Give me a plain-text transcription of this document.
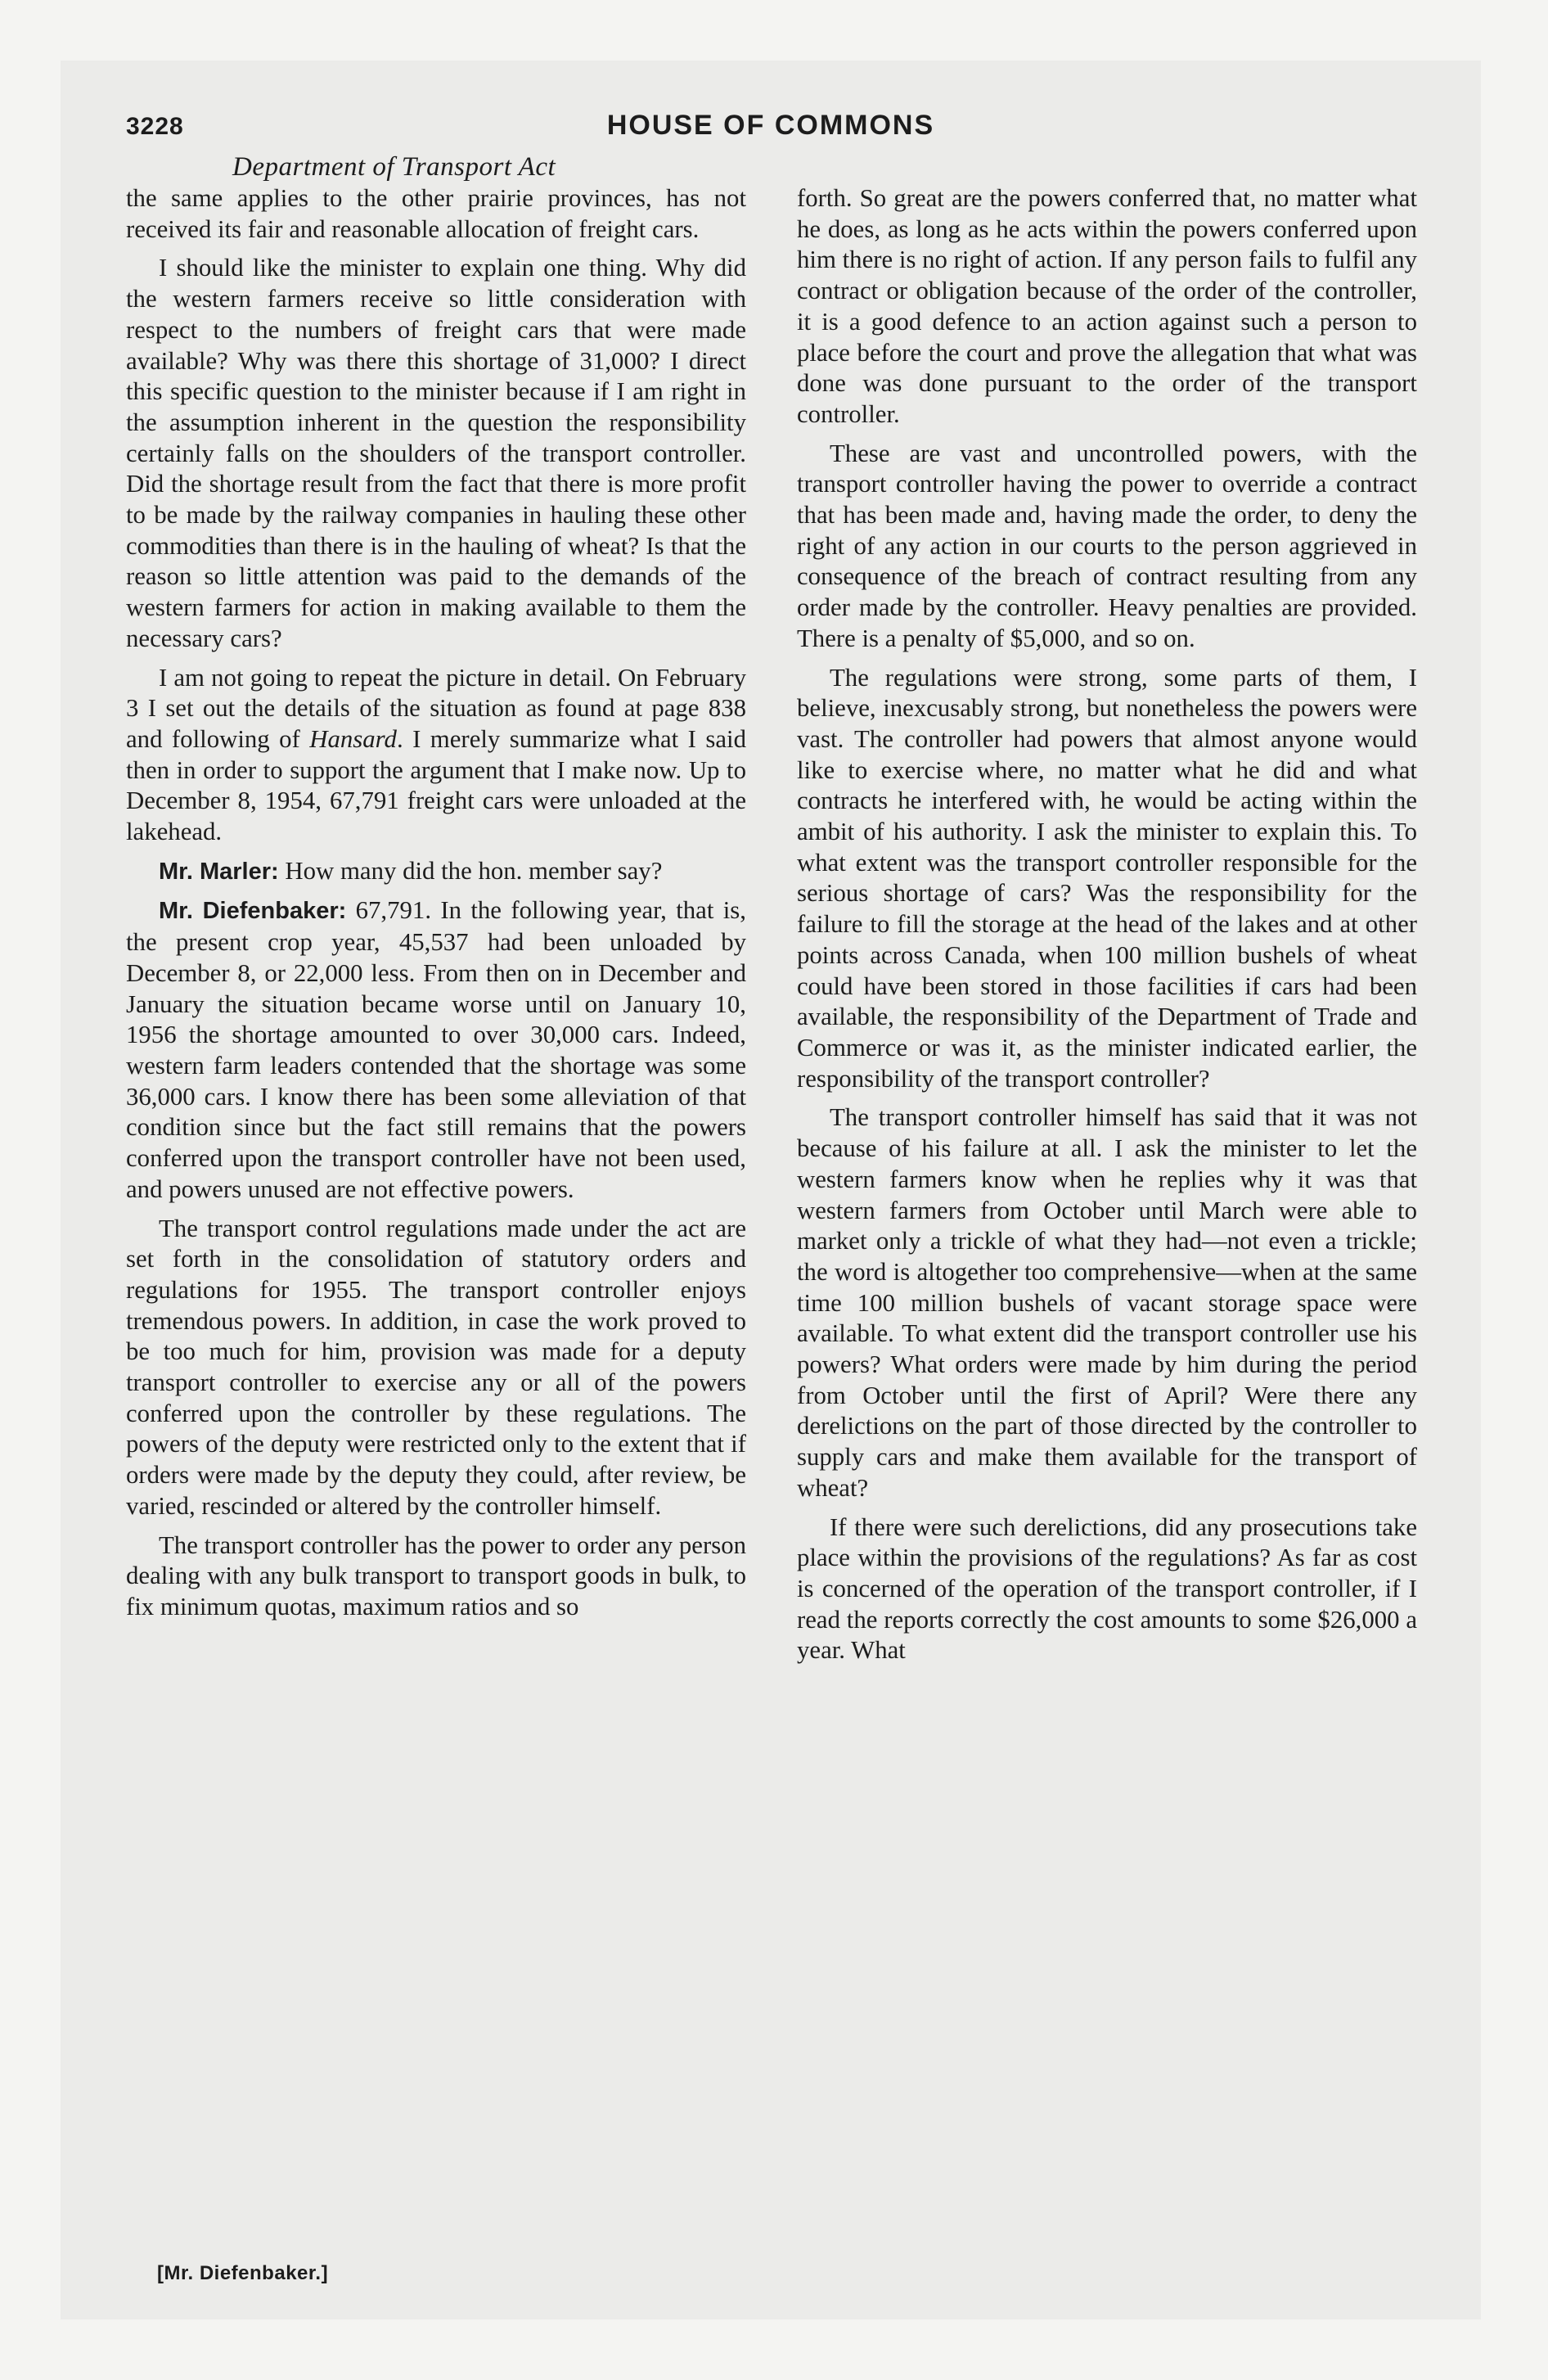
3228	HOUSE OF COMMONS
Department of Transport Act

the same applies to the other prairie provinces, has not received its fair and reasonable allocation of freight cars.

I should like the minister to explain one thing. Why did the western farmers receive so little consideration with respect to the numbers of freight cars that were made available? Why was there this shortage of 31,000? I direct this specific question to the minister because if I am right in the assumption inherent in the question the responsibility certainly falls on the shoulders of the transport controller. Did the shortage result from the fact that there is more profit to be made by the railway companies in hauling these other commodities than there is in the hauling of wheat? Is that the reason so little attention was paid to the demands of the western farmers for action in making available to them the necessary cars?

I am not going to repeat the picture in detail. On February 3 I set out the details of the situation as found at page 838 and following of Hansard. I merely summarize what I said then in order to support the argument that I make now. Up to December 8, 1954, 67,791 freight cars were unloaded at the lakehead.

Mr. Marler: How many did the hon. member say?

Mr. Diefenbaker: 67,791. In the following year, that is, the present crop year, 45,537 had been unloaded by December 8, or 22,000 less. From then on in December and January the situation became worse until on January 10, 1956 the shortage amounted to over 30,000 cars. Indeed, western farm leaders contended that the shortage was some 36,000 cars. I know there has been some alleviation of that condition since but the fact still remains that the powers conferred upon the transport controller have not been used, and powers unused are not effective powers.

The transport control regulations made under the act are set forth in the consolidation of statutory orders and regulations for 1955. The transport controller enjoys tremendous powers. In addition, in case the work proved to be too much for him, provision was made for a deputy transport controller to exercise any or all of the powers conferred upon the controller by these regulations. The powers of the deputy were restricted only to the extent that if orders were made by the deputy they could, after review, be varied, rescinded or altered by the controller himself.

The transport controller has the power to order any person dealing with any bulk transport to transport goods in bulk, to fix minimum quotas, maximum ratios and so

forth. So great are the powers conferred that, no matter what he does, as long as he acts within the powers conferred upon him there is no right of action. If any person fails to fulfil any contract or obligation because of the order of the controller, it is a good defence to an action against such a person to place before the court and prove the allegation that what was done was done pursuant to the order of the transport controller.

These are vast and uncontrolled powers, with the transport controller having the power to override a contract that has been made and, having made the order, to deny the right of any action in our courts to the person aggrieved in consequence of the breach of contract resulting from any order made by the controller. Heavy penalties are provided. There is a penalty of $5,000, and so on.

The regulations were strong, some parts of them, I believe, inexcusably strong, but nonetheless the powers were vast. The controller had powers that almost anyone would like to exercise where, no matter what he did and what contracts he interfered with, he would be acting within the ambit of his authority. I ask the minister to explain this. To what extent was the transport controller responsible for the serious shortage of cars? Was the responsibility for the failure to fill the storage at the head of the lakes and at other points across Canada, when 100 million bushels of wheat could have been stored in those facilities if cars had been available, the responsibility of the Department of Trade and Commerce or was it, as the minister indicated earlier, the responsibility of the transport controller?

The transport controller himself has said that it was not because of his failure at all. I ask the minister to let the western farmers know when he replies why it was that western farmers from October until March were able to market only a trickle of what they had—not even a trickle; the word is altogether too comprehensive—when at the same time 100 million bushels of vacant storage space were available. To what extent did the transport controller use his powers? What orders were made by him during the period from October until the first of April? Were there any derelictions on the part of those directed by the controller to supply cars and make them available for the transport of wheat?

If there were such derelictions, did any prosecutions take place within the provisions of the regulations? As far as cost is concerned of the operation of the transport controller, if I read the reports correctly the cost amounts to some $26,000 a year. What

[Mr. Diefenbaker.]
